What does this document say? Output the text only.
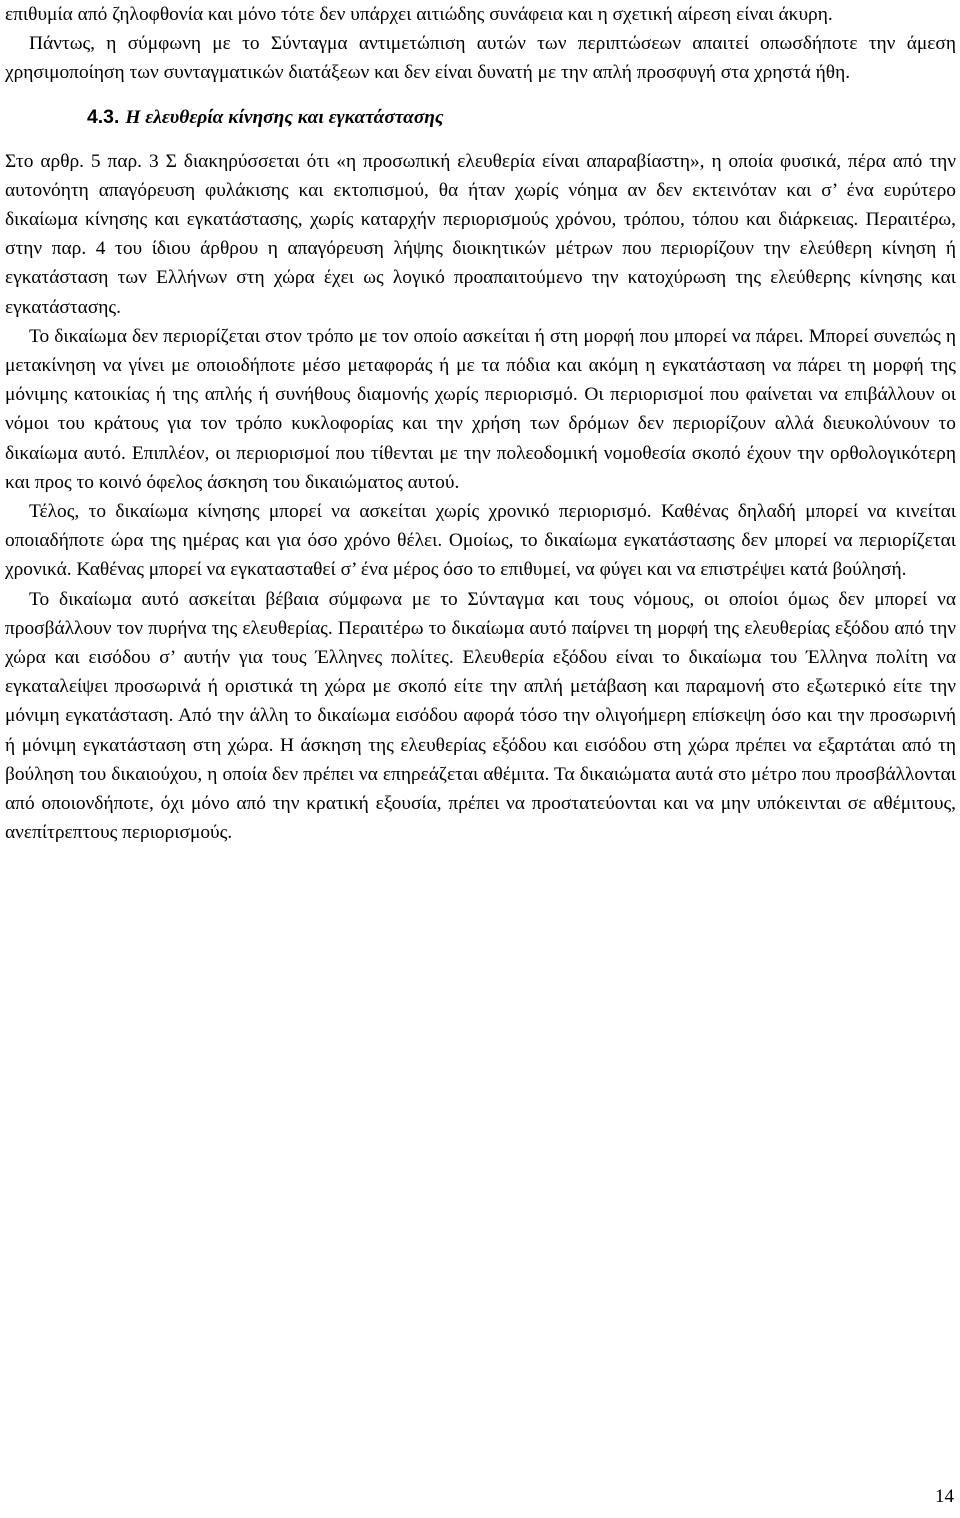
επιθυμία από ζηλοφθονία και μόνο τότε δεν υπάρχει αιτιώδης συνάφεια και η σχετική αίρεση είναι άκυρη.

Πάντως, η σύμφωνη με το Σύνταγμα αντιμετώπιση αυτών των περιπτώσεων απαιτεί οπωσδήποτε την άμεση χρησιμοποίηση των συνταγματικών διατάξεων και δεν είναι δυνατή με την απλή προσφυγή στα χρηστά ήθη.

4.3. Η ελευθερία κίνησης και εγκατάστασης

Στο αρθρ. 5 παρ. 3 Σ διακηρύσσεται ότι «η προσωπική ελευθερία είναι απαραβίαστη», η οποία φυσικά, πέρα από την αυτονόητη απαγόρευση φυλάκισης και εκτοπισμού, θα ήταν χωρίς νόημα αν δεν εκτεινόταν και σ’ ένα ευρύτερο δικαίωμα κίνησης και εγκατάστασης, χωρίς καταρχήν περιορισμούς χρόνου, τρόπου, τόπου και διάρκειας. Περαιτέρω, στην παρ. 4 του ίδιου άρθρου η απαγόρευση λήψης διοικητικών μέτρων που περιορίζουν την ελεύθερη κίνηση ή εγκατάσταση των Ελλήνων στη χώρα έχει ως λογικό προαπαιτούμενο την κατοχύρωση της ελεύθερης κίνησης και εγκατάστασης.

Το δικαίωμα δεν περιορίζεται στον τρόπο με τον οποίο ασκείται ή στη μορφή που μπορεί να πάρει. Μπορεί συνεπώς η μετακίνηση να γίνει με οποιοδήποτε μέσο μεταφοράς ή με τα πόδια και ακόμη η εγκατάσταση να πάρει τη μορφή της μόνιμης κατοικίας ή της απλής ή συνήθους διαμονής χωρίς περιορισμό. Οι περιορισμοί που φαίνεται να επιβάλλουν οι νόμοι του κράτους για τον τρόπο κυκλοφορίας και την χρήση των δρόμων δεν περιορίζουν αλλά διευκολύνουν το δικαίωμα αυτό. Επιπλέον, οι περιορισμοί που τίθενται με την πολεοδομική νομοθεσία σκοπό έχουν την ορθολογικότερη και προς το κοινό όφελος άσκηση του δικαιώματος αυτού.

Τέλος, το δικαίωμα κίνησης μπορεί να ασκείται χωρίς χρονικό περιορισμό. Καθένας δηλαδή μπορεί να κινείται οποιαδήποτε ώρα της ημέρας και για όσο χρόνο θέλει. Ομοίως, το δικαίωμα εγκατάστασης δεν μπορεί να περιορίζεται χρονικά. Καθένας μπορεί να εγκατασταθεί σ’ ένα μέρος όσο το επιθυμεί, να φύγει και να επιστρέψει κατά βούλησή.

Το δικαίωμα αυτό ασκείται βέβαια σύμφωνα με το Σύνταγμα και τους νόμους, οι οποίοι όμως δεν μπορεί να προσβάλλουν τον πυρήνα της ελευθερίας. Περαιτέρω το δικαίωμα αυτό παίρνει τη μορφή της ελευθερίας εξόδου από την χώρα και εισόδου σ’ αυτήν για τους Έλληνες πολίτες. Ελευθερία εξόδου είναι το δικαίωμα του Έλληνα πολίτη να εγκαταλείψει προσωρινά ή οριστικά τη χώρα με σκοπό είτε την απλή μετάβαση και παραμονή στο εξωτερικό είτε την μόνιμη εγκατάσταση. Από την άλλη το δικαίωμα εισόδου αφορά τόσο την ολιγοήμερη επίσκεψη όσο και την προσωρινή ή μόνιμη εγκατάσταση στη χώρα. Η άσκηση της ελευθερίας εξόδου και εισόδου στη χώρα πρέπει να εξαρτάται από τη βούληση του δικαιούχου, η οποία δεν πρέπει να επηρεάζεται αθέμιτα. Τα δικαιώματα αυτά στο μέτρο που προσβάλλονται από οποιονδήποτε, όχι μόνο από την κρατική εξουσία, πρέπει να προστατεύονται και να μην υπόκεινται σε αθέμιτους, ανεπίτρεπτους περιορισμούς.

14
